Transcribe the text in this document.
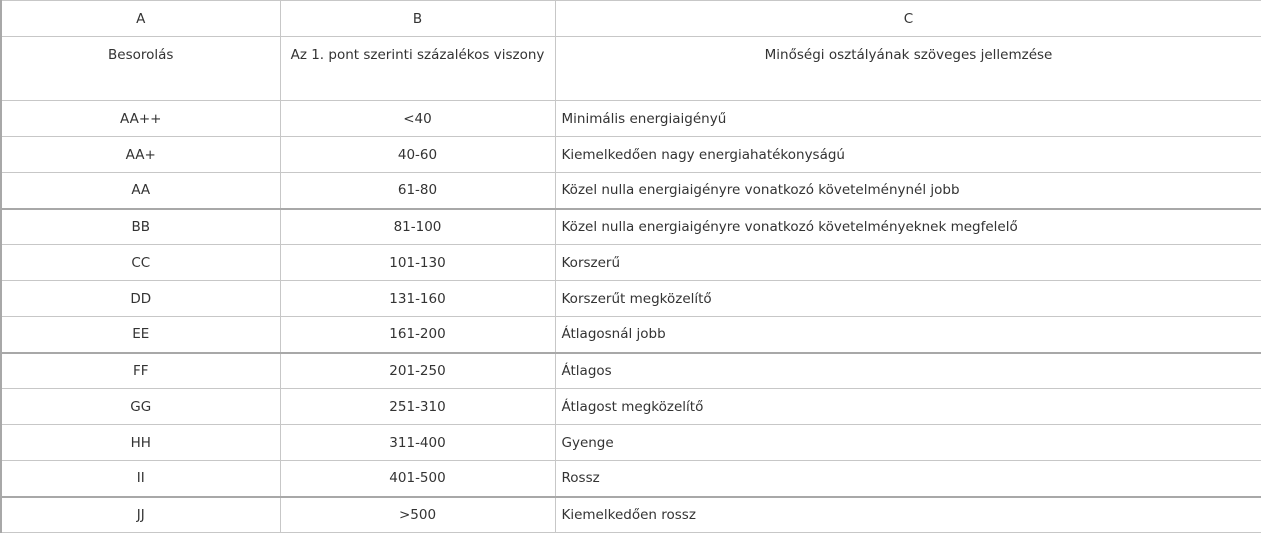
A	B	C
Besorolás	Az 1. pont szerinti százalékos viszony	Minőségi osztályának szöveges jellemzése
AA++	<40	Minimális energiaigényű
AA+	40-60	Kiemelkedően nagy energiahatékonyságú
AA	61-80	Közel nulla energiaigényre vonatkozó követelménynél jobb
BB	81-100	Közel nulla energiaigényre vonatkozó követelményeknek megfelelő
CC	101-130	Korszerű
DD	131-160	Korszerűt megközelítő
EE	161-200	Átlagosnál jobb
FF	201-250	Átlagos
GG	251-310	Átlagost megközelítő
HH	311-400	Gyenge
II	401-500	Rossz
JJ	>500	Kiemelkedően rossz
